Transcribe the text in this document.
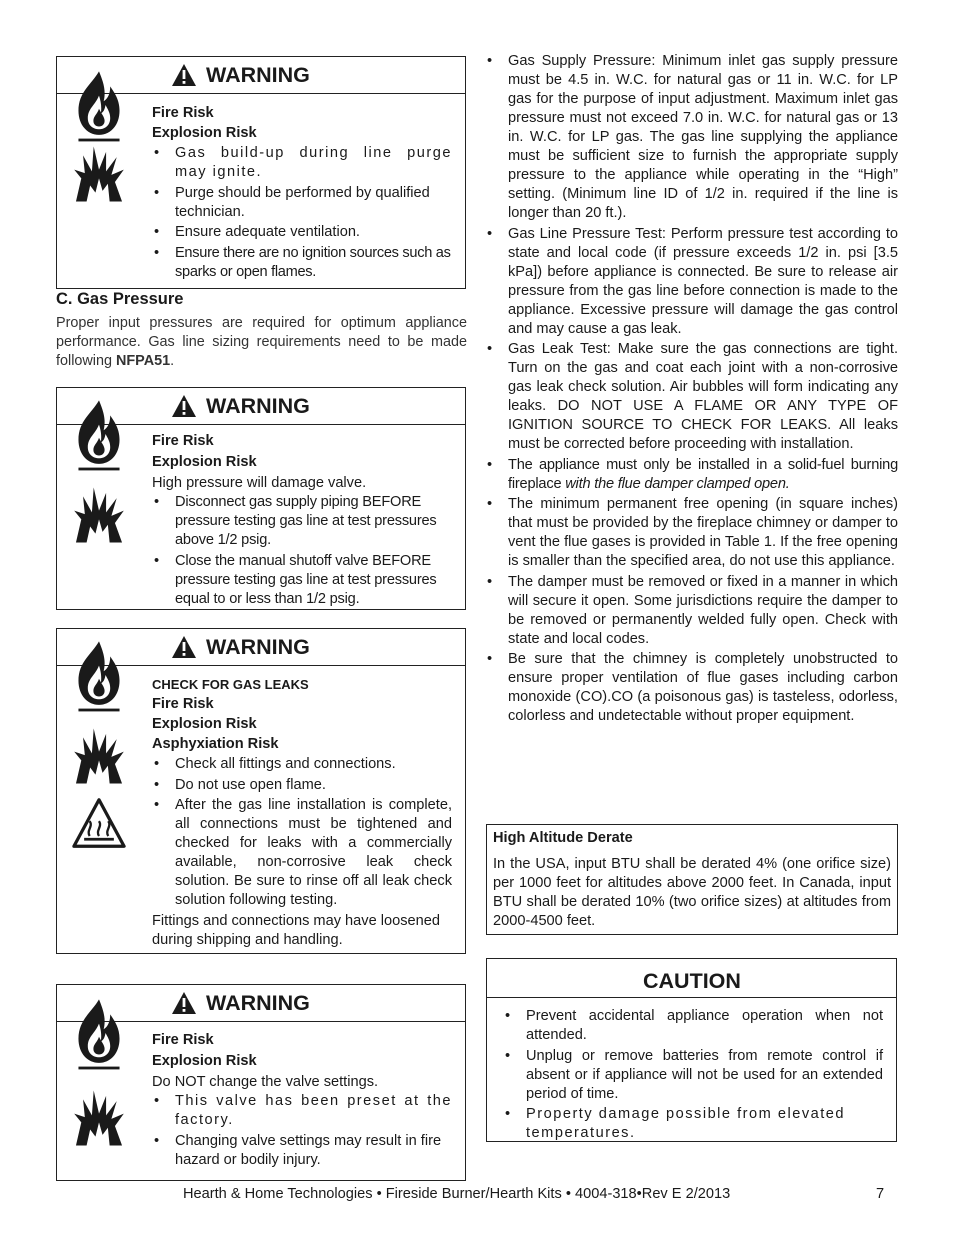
WARNING

Fire Risk

Explosion Risk

• Gas build-up during line purge may ignite.
• Purge should be performed by qualified technician.
• Ensure adequate ventilation.
• Ensure there are no ignition sources such as sparks or open flames.
C. Gas Pressure
Proper input pressures are required for optimum appliance performance. Gas line sizing requirements need to be made following NFPA51.
WARNING

Fire Risk

Explosion Risk

High pressure will damage valve.

• Disconnect gas supply piping BEFORE pressure testing gas line at test pressures above 1/2 psig.
• Close the manual shutoff valve BEFORE pressure testing gas line at test pressures equal to or less than 1/2 psig.
WARNING

CHECK FOR GAS LEAKS

Fire Risk

Explosion Risk

Asphyxiation Risk

• Check all fittings and connections.
• Do not use open flame.
• After the gas line installation is complete, all connections must be tightened and checked for leaks with a commercially available, non-corrosive leak check solution. Be sure to rinse off all leak check solution following testing.

Fittings and connections may have loosened during shipping and handling.

WARNING

Fire Risk

Explosion Risk

Do NOT change the valve settings.

• This valve has been preset at the factory.
• Changing valve settings may result in fire hazard or bodily injury.
• Gas Supply Pressure: Minimum inlet gas supply pressure must be 4.5 in. W.C. for natural gas or 11 in. W.C. for LP gas for the purpose of input adjustment. Maximum inlet gas pressure must not exceed 7.0 in. W.C. for natural gas or 13 in. W.C. for LP gas. The gas line supplying the appliance must be sufficient size to furnish the appropriate supply pressure to the appliance while operating in the “High” setting. (Minimum line ID of 1/2 in. required if the line is longer than 20 ft.).
• Gas Line Pressure Test: Perform pressure test according to state and local code (if pressure exceeds 1/2 in. psi [3.5 kPa]) before appliance is connected. Be sure to release air pressure from the gas line before connection is made to the appliance. Excessive pressure will damage the gas control and may cause a gas leak.
• Gas Leak Test: Make sure the gas connections are tight. Turn on the gas and coat each joint with a non-corrosive gas leak check solution. Air bubbles will form indicating any leaks. DO NOT USE A FLAME OR ANY TYPE OF IGNITION SOURCE TO CHECK FOR LEAKS. All leaks must be corrected before proceeding with installation.
• The appliance must only be installed in a solid-fuel burning fireplace with the flue damper clamped open.
• The minimum permanent free opening (in square inches) that must be provided by the fireplace chimney or damper to vent the flue gases is provided in Table 1. If the free opening is smaller than the specified area, do not use this appliance.
• The damper must be removed or fixed in a manner in which will secure it open. Some jurisdictions require the damper to be removed or permanently welded fully open. Check with state and local codes.
• Be sure that the chimney is completely unobstructed to ensure proper ventilation of flue gases including carbon monoxide (CO).CO (a poisonous gas) is tasteless, odorless, colorless and undetectable without proper equipment.
High Altitude Derate
In the USA, input BTU shall be derated 4% (one orifice size) per 1000 feet for altitudes above 2000 feet. In Canada, input BTU shall be derated 10% (two orifice sizes) at altitudes from 2000-4500 feet.
CAUTION
• Prevent accidental appliance operation when not attended.
• Unplug or remove batteries from remote control if absent or if appliance will not be used for an extended period of time.
• Property damage possible from elevated temperatures.
Hearth & Home Technologies • Fireside Burner/Hearth Kits • 4004-318•Rev E 2/2013	7
